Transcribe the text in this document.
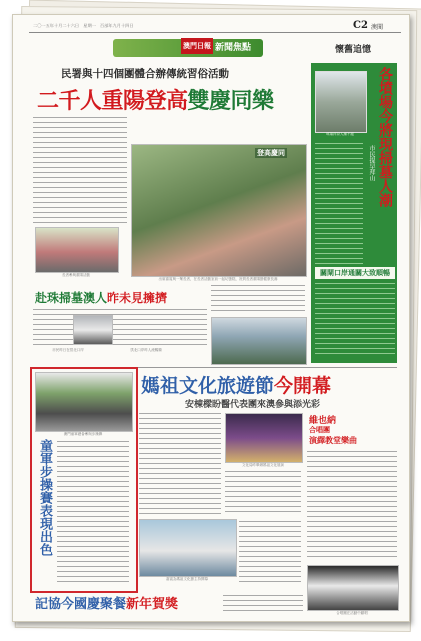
二〇一五年十月二十六日　星期一　百部年九月十四日	C2 澳聞
澳門日報 新聞焦點	懷舊追憶
民署與十四個團體合辦傳統習俗活動
二千人重陽登高雙慶同樂
長者參與重陽活動
登高慶同
出席嘉賓與一眾長者，在長者活動室前一起切蛋糕，祝賀長者重陽節健康長壽
赴珠掃墓澳人昨未見擁擠
市民昨日在拱北口岸	拱北口岸昨人流暢順
墳場拜祭人潮不絕	各墳場今將現掃墓人潮
市民提早拜山
關閘口岸通關大致順暢
媽祖文化旅遊節今開幕
安棟樑盼醫代表團來澳參與添光彩
澳門童軍總會參與步操賽
童軍步操賽表現出色	文化局昨舉辦媽祖文化展演
嘉賓為媽祖文化節主持開幕
維也納
合唱團
演繹教堂樂曲
合唱團在活動中獻唱
記協今國慶聚餐新年賀獎
